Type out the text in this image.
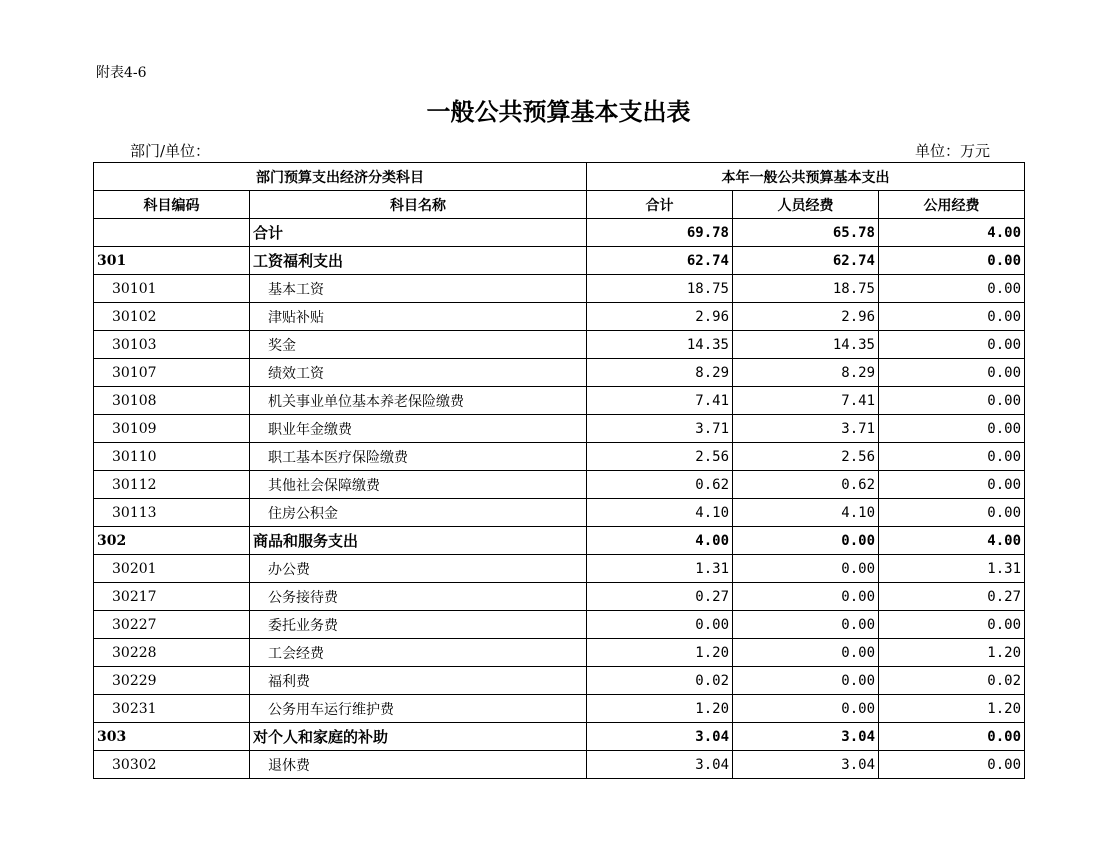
附表4-6
一般公共预算基本支出表
部门/单位：	单位：万元
部门预算支出经济分类科目		本年一般公共预算基本支出		
科目编码	科目名称	合计	人员经费	公用经费
	合计	69.78	65.78	4.00
301	工资福利支出	62.74	62.74	0.00
30101	基本工资	18.75	18.75	0.00
30102	津贴补贴	2.96	2.96	0.00
30103	奖金	14.35	14.35	0.00
30107	绩效工资	8.29	8.29	0.00
30108	机关事业单位基本养老保险缴费	7.41	7.41	0.00
30109	职业年金缴费	3.71	3.71	0.00
30110	职工基本医疗保险缴费	2.56	2.56	0.00
30112	其他社会保障缴费	0.62	0.62	0.00
30113	住房公积金	4.10	4.10	0.00
302	商品和服务支出	4.00	0.00	4.00
30201	办公费	1.31	0.00	1.31
30217	公务接待费	0.27	0.00	0.27
30227	委托业务费	0.00	0.00	0.00
30228	工会经费	1.20	0.00	1.20
30229	福利费	0.02	0.00	0.02
30231	公务用车运行维护费	1.20	0.00	1.20
303	对个人和家庭的补助	3.04	3.04	0.00
30302	退休费	3.04	3.04	0.00
